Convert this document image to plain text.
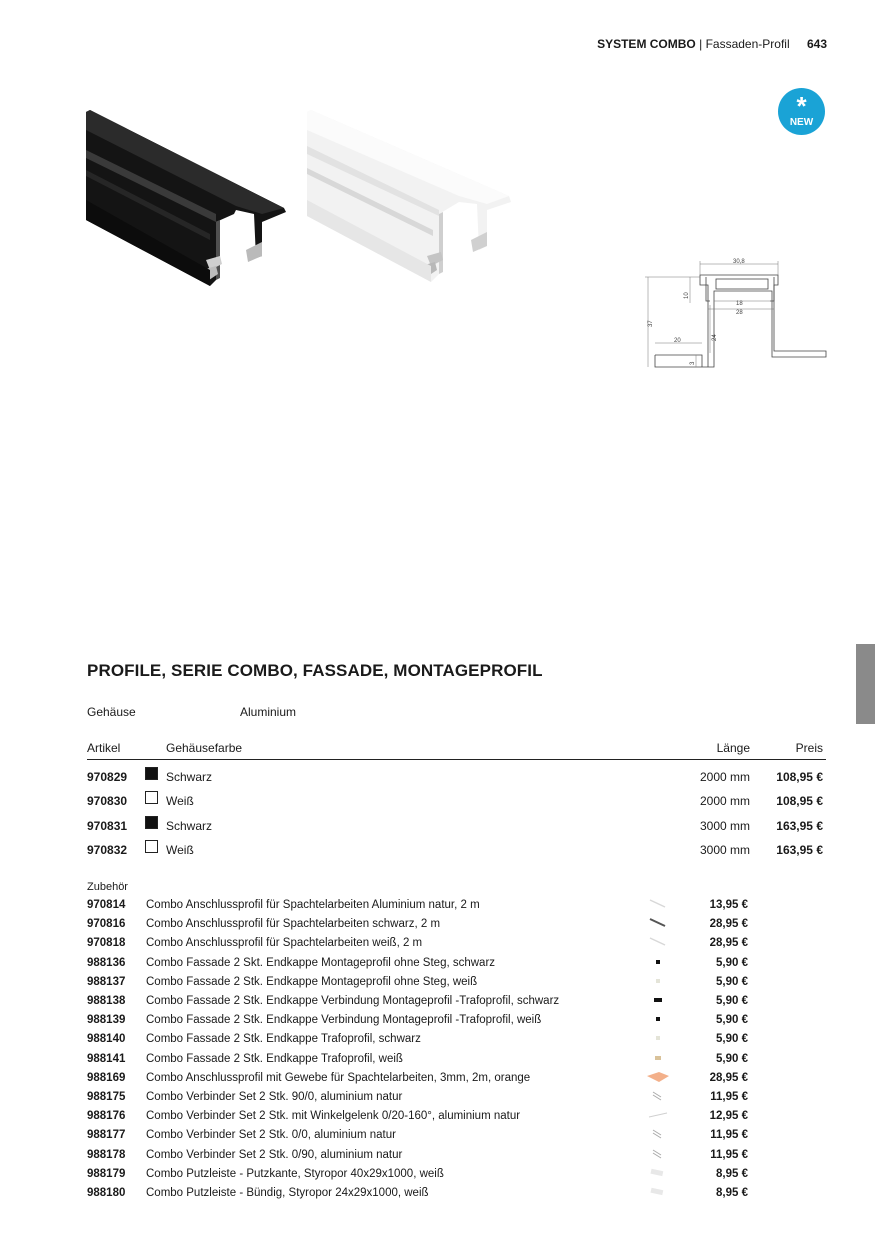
SYSTEM COMBO | Fassaden-Profil 643
*
NEW
30,8
10
18
28
37
20	24
3
PROFILE, SERIE COMBO, FASSADE, MONTAGEPROFIL
Gehäuse	Aluminium
Artikel	Gehäusefarbe	Länge	Preis
970829	Schwarz	2000 mm 108,95 €
970830	Weiß	2000 mm 108,95 €
970831	Schwarz	3000 mm 163,95 €
970832	Weiß	3000 mm 163,95 €
Zubehör
970814 Combo Anschlussprofil für Spachtelarbeiten Aluminium natur, 2 m	13,95 €
970816 Combo Anschlussprofil für Spachtelarbeiten schwarz, 2 m	28,95 €
970818 Combo Anschlussprofil für Spachtelarbeiten weiß, 2 m	28,95 €
988136 Combo Fassade 2 Skt. Endkappe Montageprofil ohne Steg, schwarz	5,90 €
988137 Combo Fassade 2 Stk. Endkappe Montageprofil ohne Steg, weiß	5,90 €
988138 Combo Fassade 2 Stk. Endkappe Verbindung Montageprofil -Trafoprofil, schwarz	5,90 €
988139 Combo Fassade 2 Stk. Endkappe Verbindung Montageprofil -Trafoprofil, weiß	5,90 €
988140 Combo Fassade 2 Stk. Endkappe Trafoprofil, schwarz	5,90 €
988141 Combo Fassade 2 Stk. Endkappe Trafoprofil, weiß	5,90 €
988169 Combo Anschlussprofil mit Gewebe für Spachtelarbeiten, 3mm, 2m, orange	28,95 €
988175 Combo Verbinder Set 2 Stk. 90/0, aluminium natur	11,95 €
988176 Combo Verbinder Set 2 Stk. mit Winkelgelenk 0/20-160°, aluminium natur	12,95 €
988177 Combo Verbinder Set 2 Stk. 0/0, aluminium natur	11,95 €
988178 Combo Verbinder Set 2 Stk. 0/90, aluminium natur	11,95 €
988179 Combo Putzleiste - Putzkante, Styropor 40x29x1000, weiß	8,95 €
988180 Combo Putzleiste - Bündig, Styropor 24x29x1000, weiß	8,95 €
